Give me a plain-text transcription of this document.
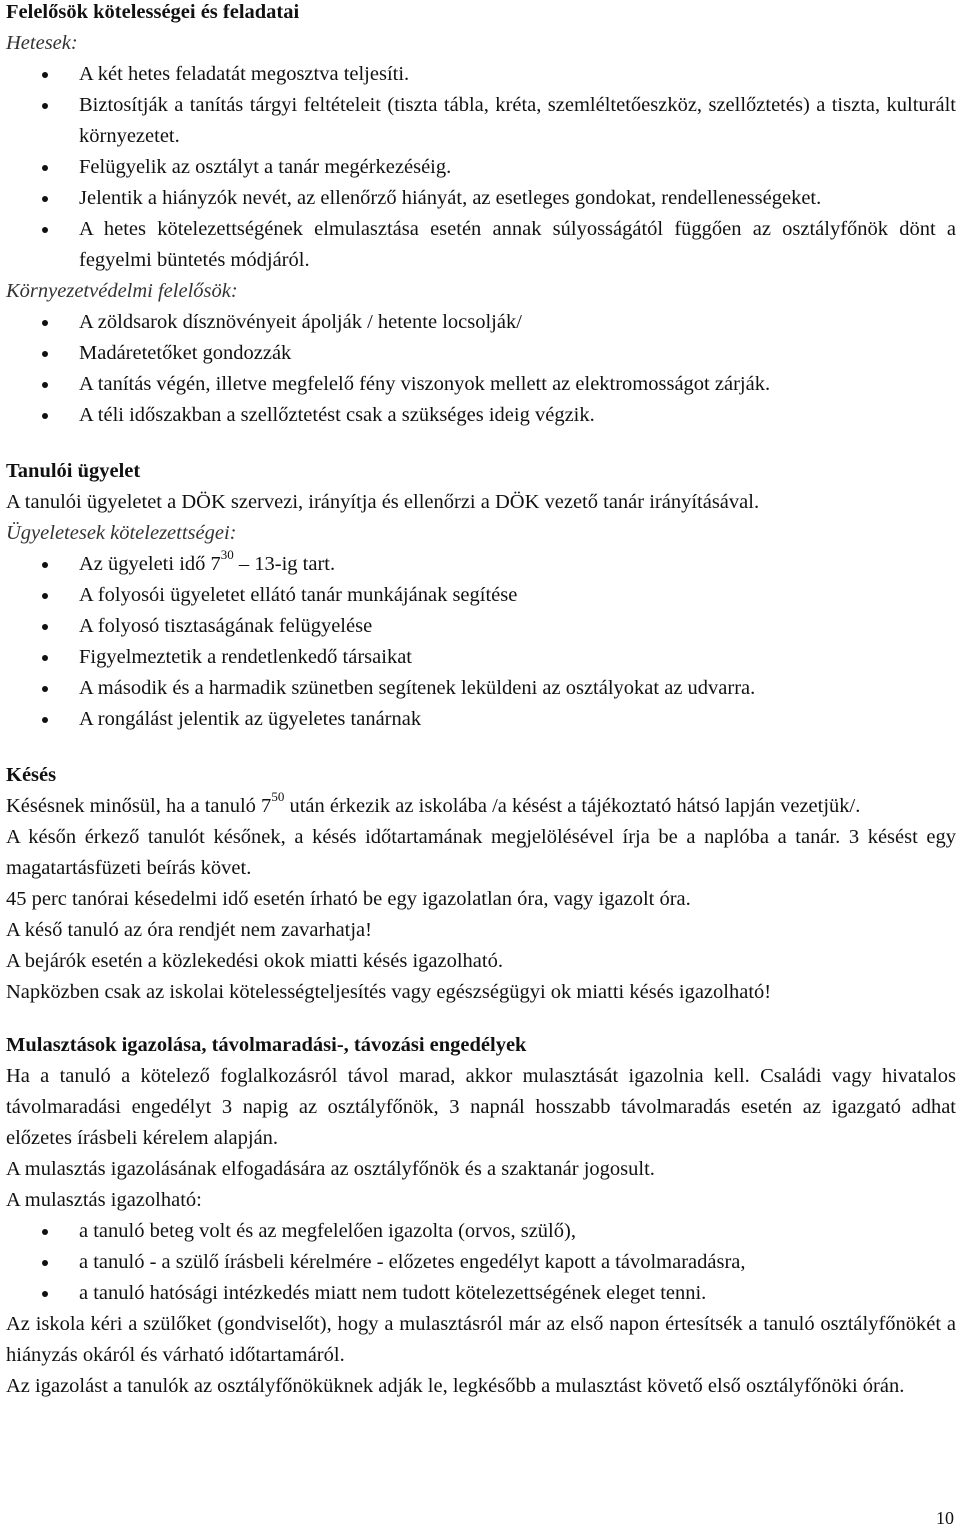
Felelősök kötelességei és feladatai
Hetesek:
A két hetes feladatát megosztva teljesíti.
Biztosítják a tanítás tárgyi feltételeit (tiszta tábla, kréta, szemléltetőeszköz, szellőztetés) a tiszta, kulturált környezetet.
Felügyelik az osztályt a tanár megérkezéséig.
Jelentik a hiányzók nevét, az ellenőrző hiányát, az esetleges gondokat, rendellenességeket.
A hetes kötelezettségének elmulasztása esetén annak súlyosságától függően az osztályfőnök dönt a fegyelmi büntetés módjáról.
Környezetvédelmi felelősök:
A zöldsarok dísznövényeit ápolják / hetente locsolják/
Madáretetőket gondozzák
A tanítás végén, illetve megfelelő fény viszonyok mellett az elektromosságot zárják.
A téli időszakban a szellőztetést csak a szükséges ideig végzik.
Tanulói ügyelet

A tanulói ügyeletet a DÖK szervezi, irányítja és ellenőrzi a DÖK vezető tanár irányításával.

Ügyeletesek kötelezettségei:
Az ügyeleti idő $7^{30} - 13-ig$ tart.
A folyosói ügyeletet ellátó tanár munkájának segítése
A folyosó tisztaságának felügyelése
Figyelmeztetik a rendetlenkedő társaikat
A második és a harmadik szünetben segítenek leküldeni az osztályokat az udvarra.
A rongálást jelentik az ügyeletes tanárnak
Késés

Késésnek minősül, ha a tanuló $7^{50}$ után érkezik az iskolába /a késést a tájékoztató hátsó lapján vezetjük/.

A későn érkező tanulót későnek, a késés időtartamának megjelölésével írja be a naplóba a tanár. 3 késést egy magatartásfüzeti beírás követ.

45 perc tanórai késedelmi idő esetén írható be egy igazolatlan óra, vagy igazolt óra.

A késő tanuló az óra rendjét nem zavarhatja!

A bejárók esetén a közlekedési okok miatti késés igazolható.

Napközben csak az iskolai kötelességteljesítés vagy egészségügyi ok miatti késés igazolható!

Mulasztások igazolása, távolmaradási-, távozási engedélyek

Ha a tanuló a kötelező foglalkozásról távol marad, akkor mulasztását igazolnia kell. Családi vagy hivatalos távolmaradási engedélyt 3 napig az osztályfőnök, 3 napnál hosszabb távolmaradás esetén az igazgató adhat előzetes írásbeli kérelem alapján.

A mulasztás igazolásának elfogadására az osztályfőnök és a szaktanár jogosult.

A mulasztás igazolható:

a tanuló beteg volt és az megfelelően igazolta (orvos, szülő),
a tanuló - a szülő írásbeli kérelmére - előzetes engedélyt kapott a távolmaradásra,
a tanuló hatósági intézkedés miatt nem tudott kötelezettségének eleget tenni.

Az iskola kéri a szülőket (gondviselőt), hogy a mulasztásról már az első napon értesítsék a tanuló osztályfőnökét a hiányzás okáról és várható időtartamáról.

Az igazolást a tanulók az osztályfőnöküknek adják le, legkésőbb a mulasztást követő első osztályfőnöki órán.

10
